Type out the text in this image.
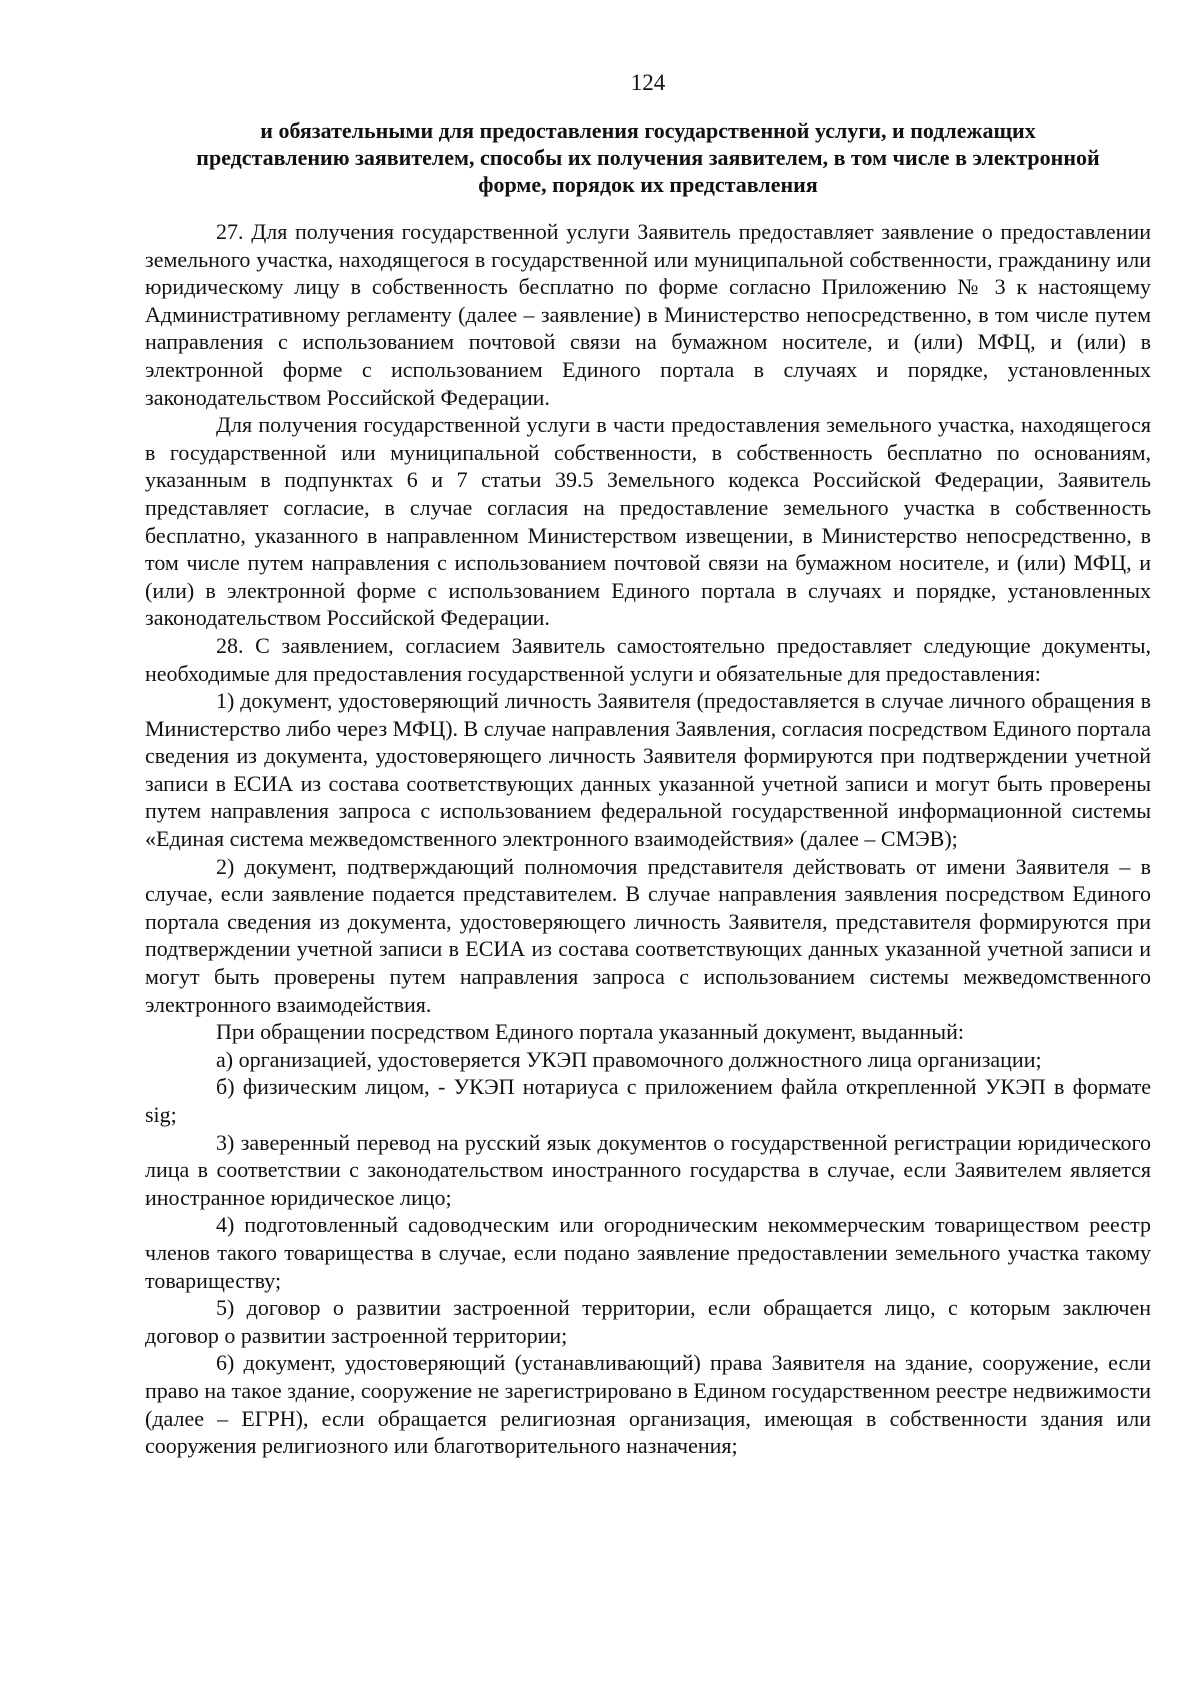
124
и обязательными для предоставления государственной услуги, и подлежащих
представлению заявителем, способы их получения заявителем, в том числе в электронной
форме, порядок их представления

27. Для получения государственной услуги Заявитель предоставляет заявление о предоставлении земельного участка, находящегося в государственной или муниципальной собственности, гражданину или юридическому лицу в собственность бесплатно по форме согласно Приложению № 3 к настоящему Административному регламенту (далее – заявление) в Министерство непосредственно, в том числе путем направления с использованием почтовой связи на бумажном носителе, и (или) МФЦ, и (или) в электронной форме с использованием Единого портала в случаях и порядке, установленных законодательством Российской Федерации.

Для получения государственной услуги в части предоставления земельного участка, находящегося в государственной или муниципальной собственности, в собственность бесплатно по основаниям, указанным в подпунктах 6 и 7 статьи 39.5 Земельного кодекса Российской Федерации, Заявитель представляет согласие, в случае согласия на предоставление земельного участка в собственность бесплатно, указанного в направленном Министерством извещении, в Министерство непосредственно, в том числе путем направления с использованием почтовой связи на бумажном носителе, и (или) МФЦ, и (или) в электронной форме с использованием Единого портала в случаях и порядке, установленных законодательством Российской Федерации.

28. С заявлением, согласием Заявитель самостоятельно предоставляет следующие документы, необходимые для предоставления государственной услуги и обязательные для предоставления:

1) документ, удостоверяющий личность Заявителя (предоставляется в случае личного обращения в Министерство либо через МФЦ). В случае направления Заявления, согласия посредством Единого портала сведения из документа, удостоверяющего личность Заявителя формируются при подтверждении учетной записи в ЕСИА из состава соответствующих данных указанной учетной записи и могут быть проверены путем направления запроса с использованием федеральной государственной информационной системы «Единая система межведомственного электронного взаимодействия» (далее – СМЭВ);

2) документ, подтверждающий полномочия представителя действовать от имени Заявителя – в случае, если заявление подается представителем. В случае направления заявления посредством Единого портала сведения из документа, удостоверяющего личность Заявителя, представителя формируются при подтверждении учетной записи в ЕСИА из состава соответствующих данных указанной учетной записи и могут быть проверены путем направления запроса с использованием системы межведомственного электронного взаимодействия.

При обращении посредством Единого портала указанный документ, выданный:

а) организацией, удостоверяется УКЭП правомочного должностного лица организации;

б) физическим лицом, - УКЭП нотариуса с приложением файла открепленной УКЭП в формате sig;

3) заверенный перевод на русский язык документов о государственной регистрации юридического лица в соответствии с законодательством иностранного государства в случае, если Заявителем является иностранное юридическое лицо;

4) подготовленный садоводческим или огородническим некоммерческим товариществом реестр членов такого товарищества в случае, если подано заявление предоставлении земельного участка такому товариществу;

5) договор о развитии застроенной территории, если обращается лицо, с которым заключен договор о развитии застроенной территории;

6) документ, удостоверяющий (устанавливающий) права Заявителя на здание, сооружение, если право на такое здание, сооружение не зарегистрировано в Едином государственном реестре недвижимости (далее – ЕГРН), если обращается религиозная организация, имеющая в собственности здания или сооружения религиозного или благотворительного назначения;
